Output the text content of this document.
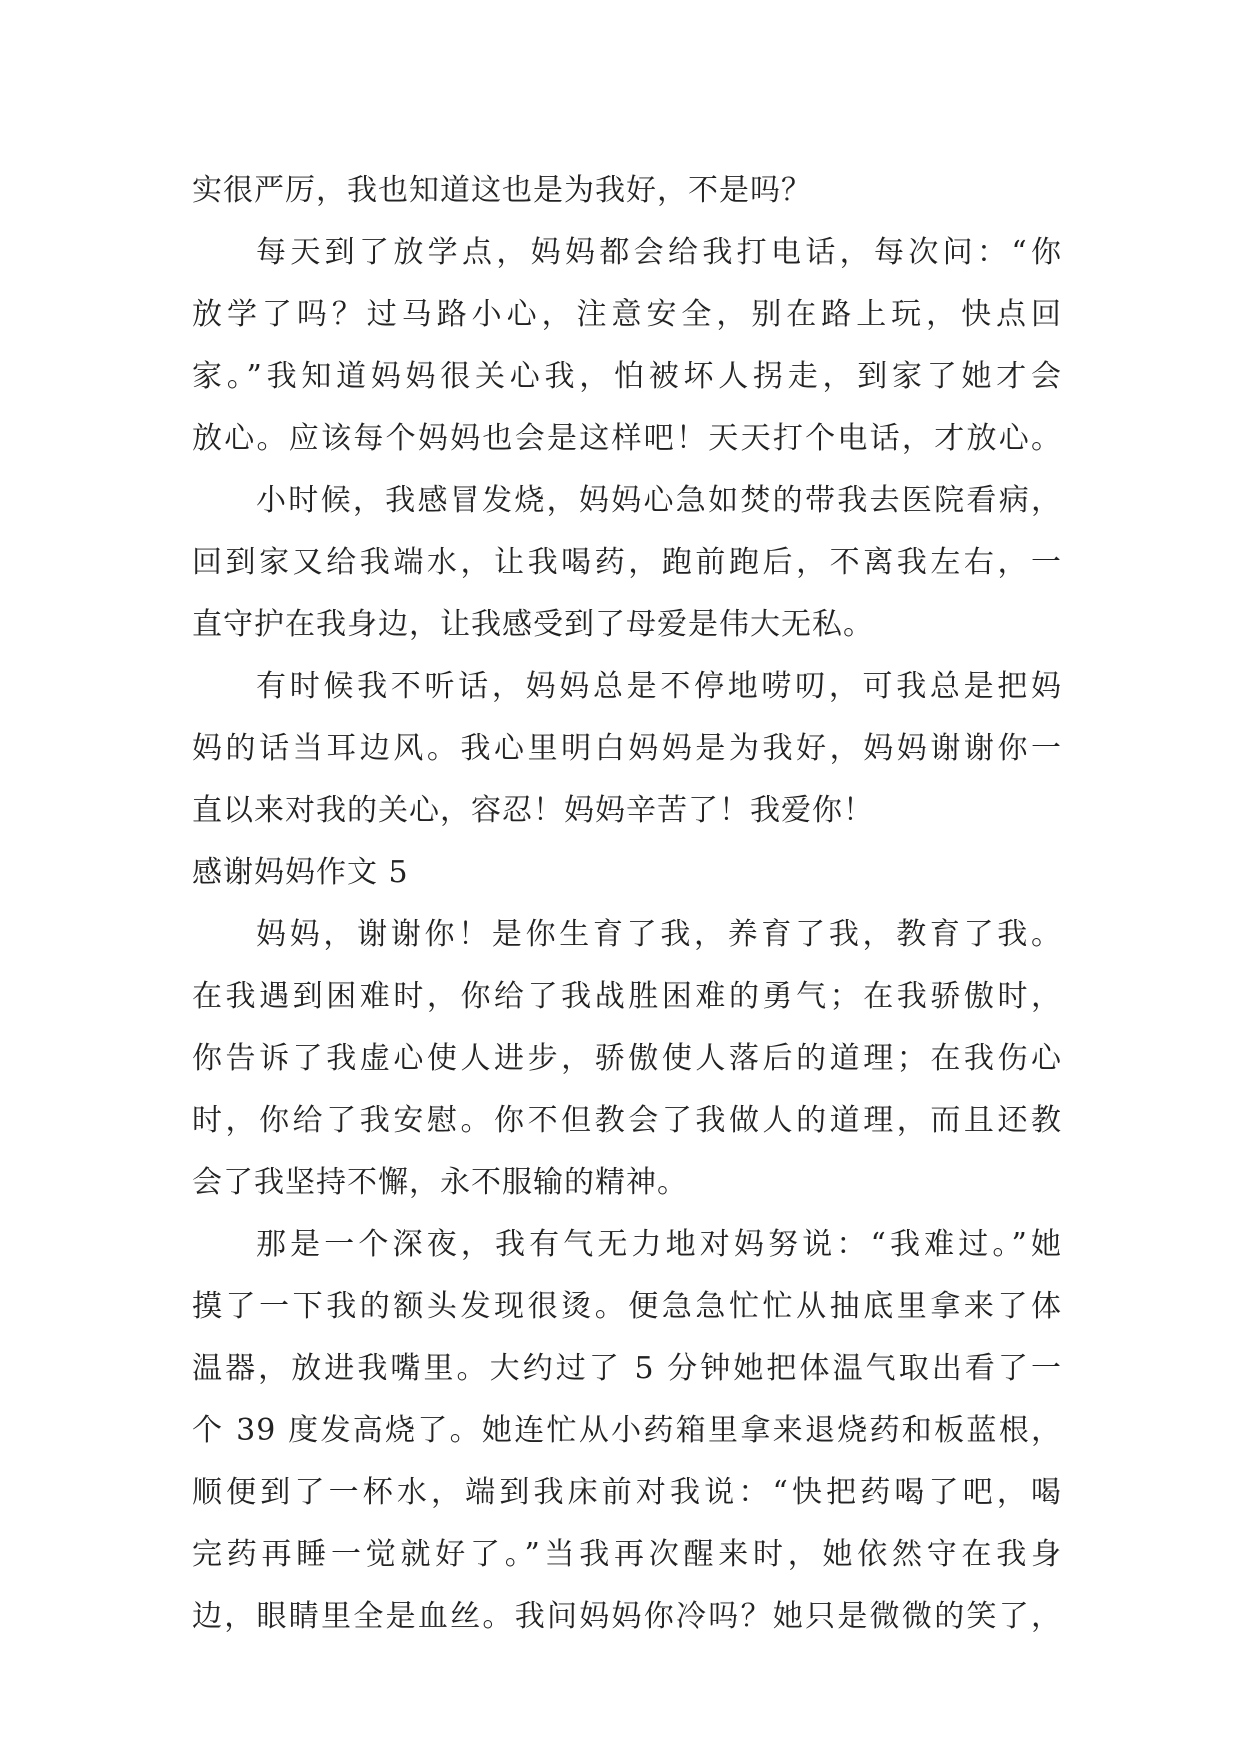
实很严厉，我也知道这也是为我好，不是吗？
每天到了放学点，妈妈都会给我打电话，每次问：“你
放学了吗？过马路小心，注意安全，别在路上玩，快点回
家。”我知道妈妈很关心我，怕被坏人拐走，到家了她才会
放心。应该每个妈妈也会是这样吧！天天打个电话，才放心。
小时候，我感冒发烧，妈妈心急如焚的带我去医院看病，
回到家又给我端水，让我喝药，跑前跑后，不离我左右，一
直守护在我身边，让我感受到了母爱是伟大无私。
有时候我不听话，妈妈总是不停地唠叨，可我总是把妈
妈的话当耳边风。我心里明白妈妈是为我好，妈妈谢谢你一
直以来对我的关心，容忍！妈妈辛苦了！我爱你！
感谢妈妈作文 5
妈妈，谢谢你！是你生育了我，养育了我，教育了我。
在我遇到困难时，你给了我战胜困难的勇气；在我骄傲时，
你告诉了我虚心使人进步，骄傲使人落后的道理；在我伤心
时，你给了我安慰。你不但教会了我做人的道理，而且还教
会了我坚持不懈，永不服输的精神。
那是一个深夜，我有气无力地对妈努说：“我难过。”她
摸了一下我的额头发现很烫。便急急忙忙从抽底里拿来了体
温器，放进我嘴里。大约过了 5 分钟她把体温气取出看了一
个 39 度发高烧了。她连忙从小药箱里拿来退烧药和板蓝根，
顺便到了一杯水，端到我床前对我说：“快把药喝了吧，喝
完药再睡一觉就好了。”当我再次醒来时，她依然守在我身
边，眼睛里全是血丝。我问妈妈你冷吗？她只是微微的笑了，
